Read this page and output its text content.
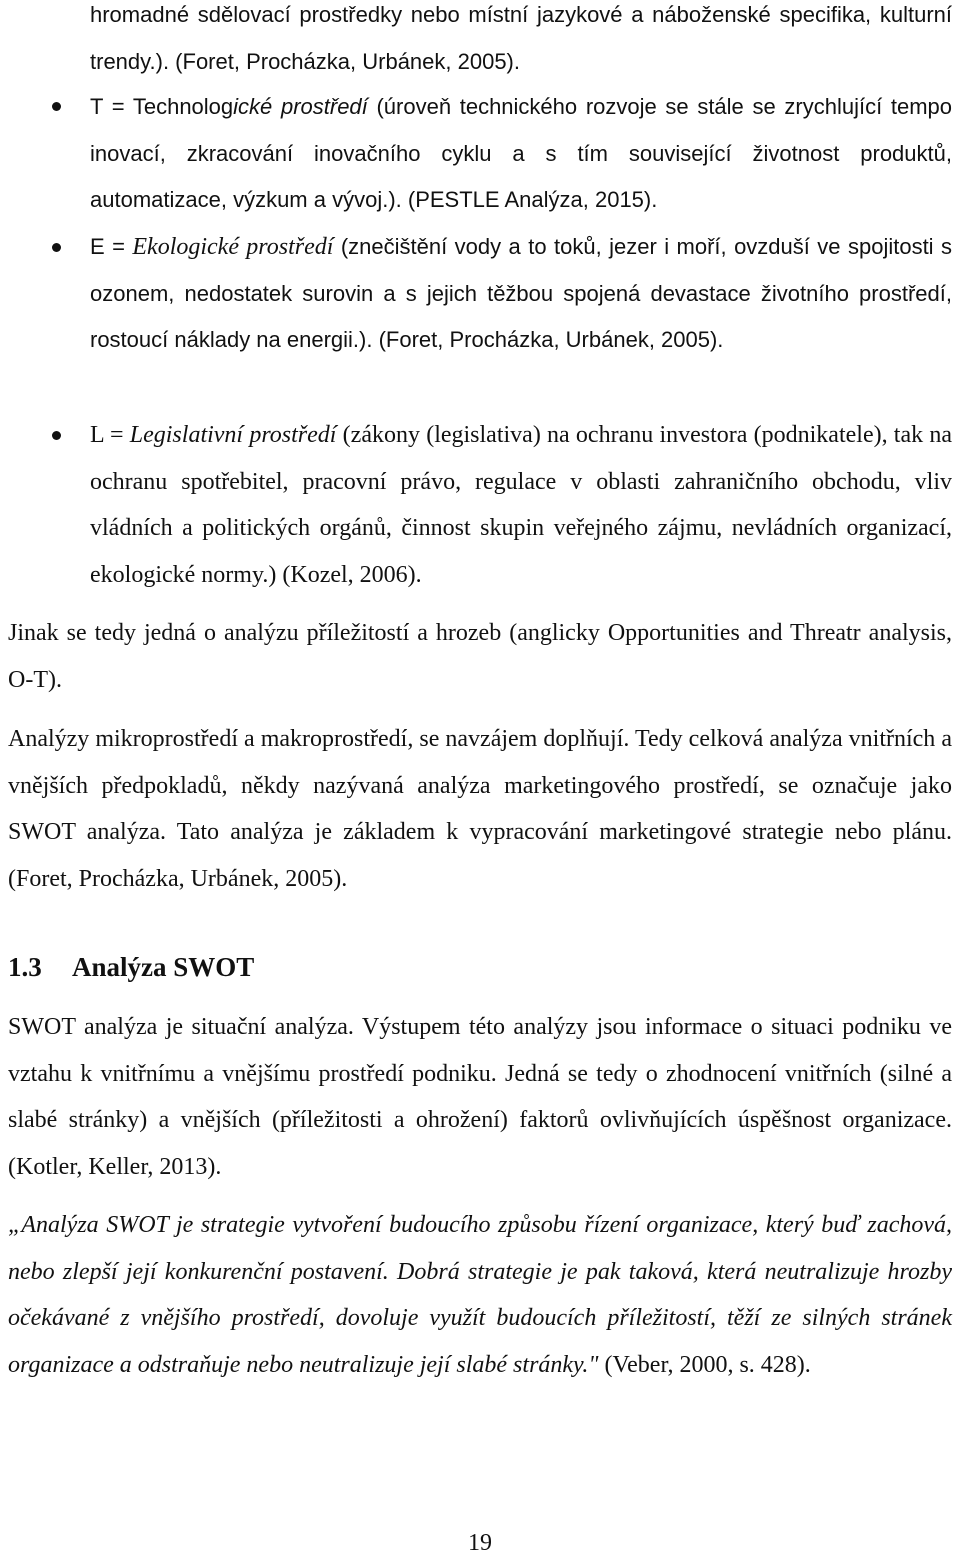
hromadné sdělovací prostředky nebo místní jazykové a náboženské specifika, kulturní trendy.). (Foret, Procházka, Urbánek, 2005).
T = Technologické prostředí (úroveň technického rozvoje se stále se zrychlující tempo inovací, zkracování inovačního cyklu a s tím související životnost produktů, automatizace, výzkum a vývoj.). (PESTLE Analýza, 2015).
E = Ekologické prostředí (znečištění vody a to toků, jezer i moří, ovzduší ve spojitosti s ozonem, nedostatek surovin a s jejich těžbou spojená devastace životního prostředí, rostoucí náklady na energii.). (Foret, Procházka, Urbánek, 2005).
L = Legislativní prostředí (zákony (legislativa) na ochranu investora (podnikatele), tak na ochranu spotřebitel, pracovní právo, regulace v oblasti zahraničního obchodu, vliv vládních a politických orgánů, činnost skupin veřejného zájmu, nevládních organizací, ekologické normy.) (Kozel, 2006).
Jinak se tedy jedná o analýzu příležitostí a hrozeb (anglicky Opportunities and Threatr analysis, O-T).
Analýzy mikroprostředí a makroprostředí, se navzájem doplňují. Tedy celková analýza vnitřních a vnějších předpokladů, někdy nazývaná analýza marketingového prostředí, se označuje jako SWOT analýza. Tato analýza je základem k vypracování marketingové strategie nebo plánu. (Foret, Procházka, Urbánek, 2005).
1.3 Analýza SWOT
SWOT analýza je situační analýza. Výstupem této analýzy jsou informace o situaci podniku ve vztahu k vnitřnímu a vnějšímu prostředí podniku. Jedná se tedy o zhodnocení vnitřních (silné a slabé stránky) a vnějších (příležitosti a ohrožení) faktorů ovlivňujících úspěšnost organizace. (Kotler, Keller, 2013).
„Analýza SWOT je strategie vytvoření budoucího způsobu řízení organizace, který buď zachová, nebo zlepší její konkurenční postavení. Dobrá strategie je pak taková, která neutralizuje hrozby očekávané z vnějšího prostředí, dovoluje využít budoucích příležitostí, těží ze silných stránek organizace a odstraňuje nebo neutralizuje její slabé stránky." (Veber, 2000, s. 428).
19
